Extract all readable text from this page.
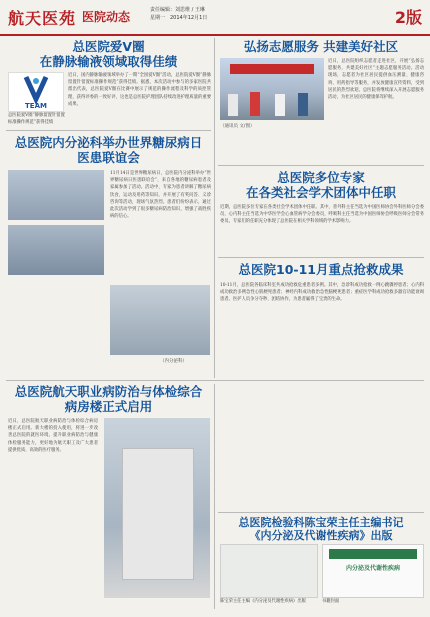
航天医苑 医院动态	责任编辑：刘思维 / 王琳
星期一　2014年12月1日	2版
总医院爱V圈
在静脉输液领域取得佳绩
TEAM
总医院爱V圈“静脉留置针留置标准操作规范”获得佳绩
近日，国内静脉输液领域举办了一期“全国爱V圈”活动，总医院爱V圈“静脉留置针留置标准操作规范”获得佳绩。据悉，本次活动中参与的多家医院共派出代表，总医院爱V圈在比赛中展示了规范的操作流程及科学的质控管理，获得评委的一致好评，这也是总医院护理团队持续改进护理质量的重要成果。
弘扬志愿服务 共建美好社区
近日，总医院组织志愿者走进社区，开展“弘扬志愿服务，共建美好社区”主题志愿服务活动。活动现场，志愿者为社区居民提供血压测量、健康咨询、用药指导等服务，并发放健康宣传资料，受到居民的热烈欢迎。总医院将继续深入开展志愿服务活动，为社区居民的健康保驾护航。
（通讯员 文/图）
总医院内分泌科举办世界糖尿病日
医患联谊会
11月14日是世界糖尿病日，总医院内分泌科举办“世界糖尿病日医患联谊会”，来自各地的糖尿病患者及家属参加了活动。活动中，专家为患者讲解了糖尿病饮食、运动及用药等知识，并开展了有奖问答、义诊咨询等活动，现场气氛热烈。患者们纷纷表示，通过此次活动学到了很多糖尿病防治知识，增强了战胜疾病的信心。
（内分泌科）
总医院多位专家
在各类社会学术团体中任职
近期，总医院多位专家在各类社会学术团体中任职。其中，普外科主任当选为中国医师协会外科医师分会委员，心内科主任当选为中华医学会心血管病学分会委员，呼吸科主任当选为中国医师协会呼吸医师分会常务委员。专家们的任职充分体现了总医院在相关学科领域的学术影响力。
总医院10-11月重点抢救成果
10-11月，总医院各临床科室共成功抢救危重患者多例。其中，急诊科成功抢救一例心跳骤停患者；心内科成功救治多例急性心肌梗死患者；神经内科成功救治急性脑梗死患者；重症医学科成功抢救多器官功能衰竭患者。医护人员争分夺秒、团结协作，为患者赢得了宝贵的生命。
总医院航天职业病防治与体检综合
病房楼正式启用
近日，总医院航天职业病防治与体检综合病房楼正式启用。新大楼的投入使用，将进一步改善总医院的就医环境，提升职业病防治与健康体检服务能力，更好地为航天职工及广大患者提供优质、高效的医疗服务。
总医院检验科陈宝荣主任主编书记
《内分泌及代谢性疾病》出版
内分泌及代谢性疾病
陈宝荣主任主编《内分泌及代谢性疾病》出版	书籍封面
